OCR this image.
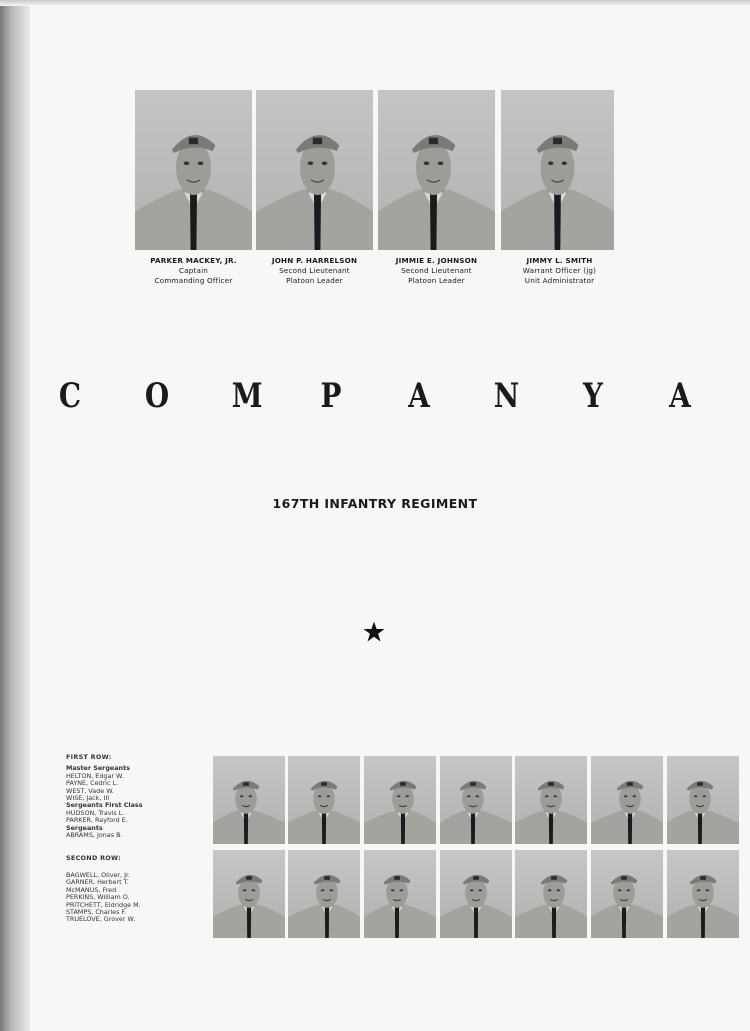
PARKER MACKEY, JR.
Captain
Commanding Officer
JOHN P. HARRELSON
Second Lieutenant
Platoon Leader
JIMMIE E. JOHNSON
Second Lieutenant
Platoon Leader
JIMMY L. SMITH
Warrant Officer (jg)
Unit Administrator
C O M P A N Y A
167TH INFANTRY REGIMENT
FIRST ROW:
Master Sergeants
HELTON, Edgar W.
PAYNE, Cedric L.
WEST, Vade W.
WISE, Jack, III
Sergeants First Class
HUDSON, Travis L.
PARKER, Rayford E.
Sergeants
ABRAMS, Jonas B.
SECOND ROW:
BAGWELL, Oliver, Jr.
GARNER, Herbert T.
McMANUS, Fred
PERKINS, William O.
PRITCHETT, Eldridge M.
STAMPS, Charles F.
TRUELOVE, Grover W.
